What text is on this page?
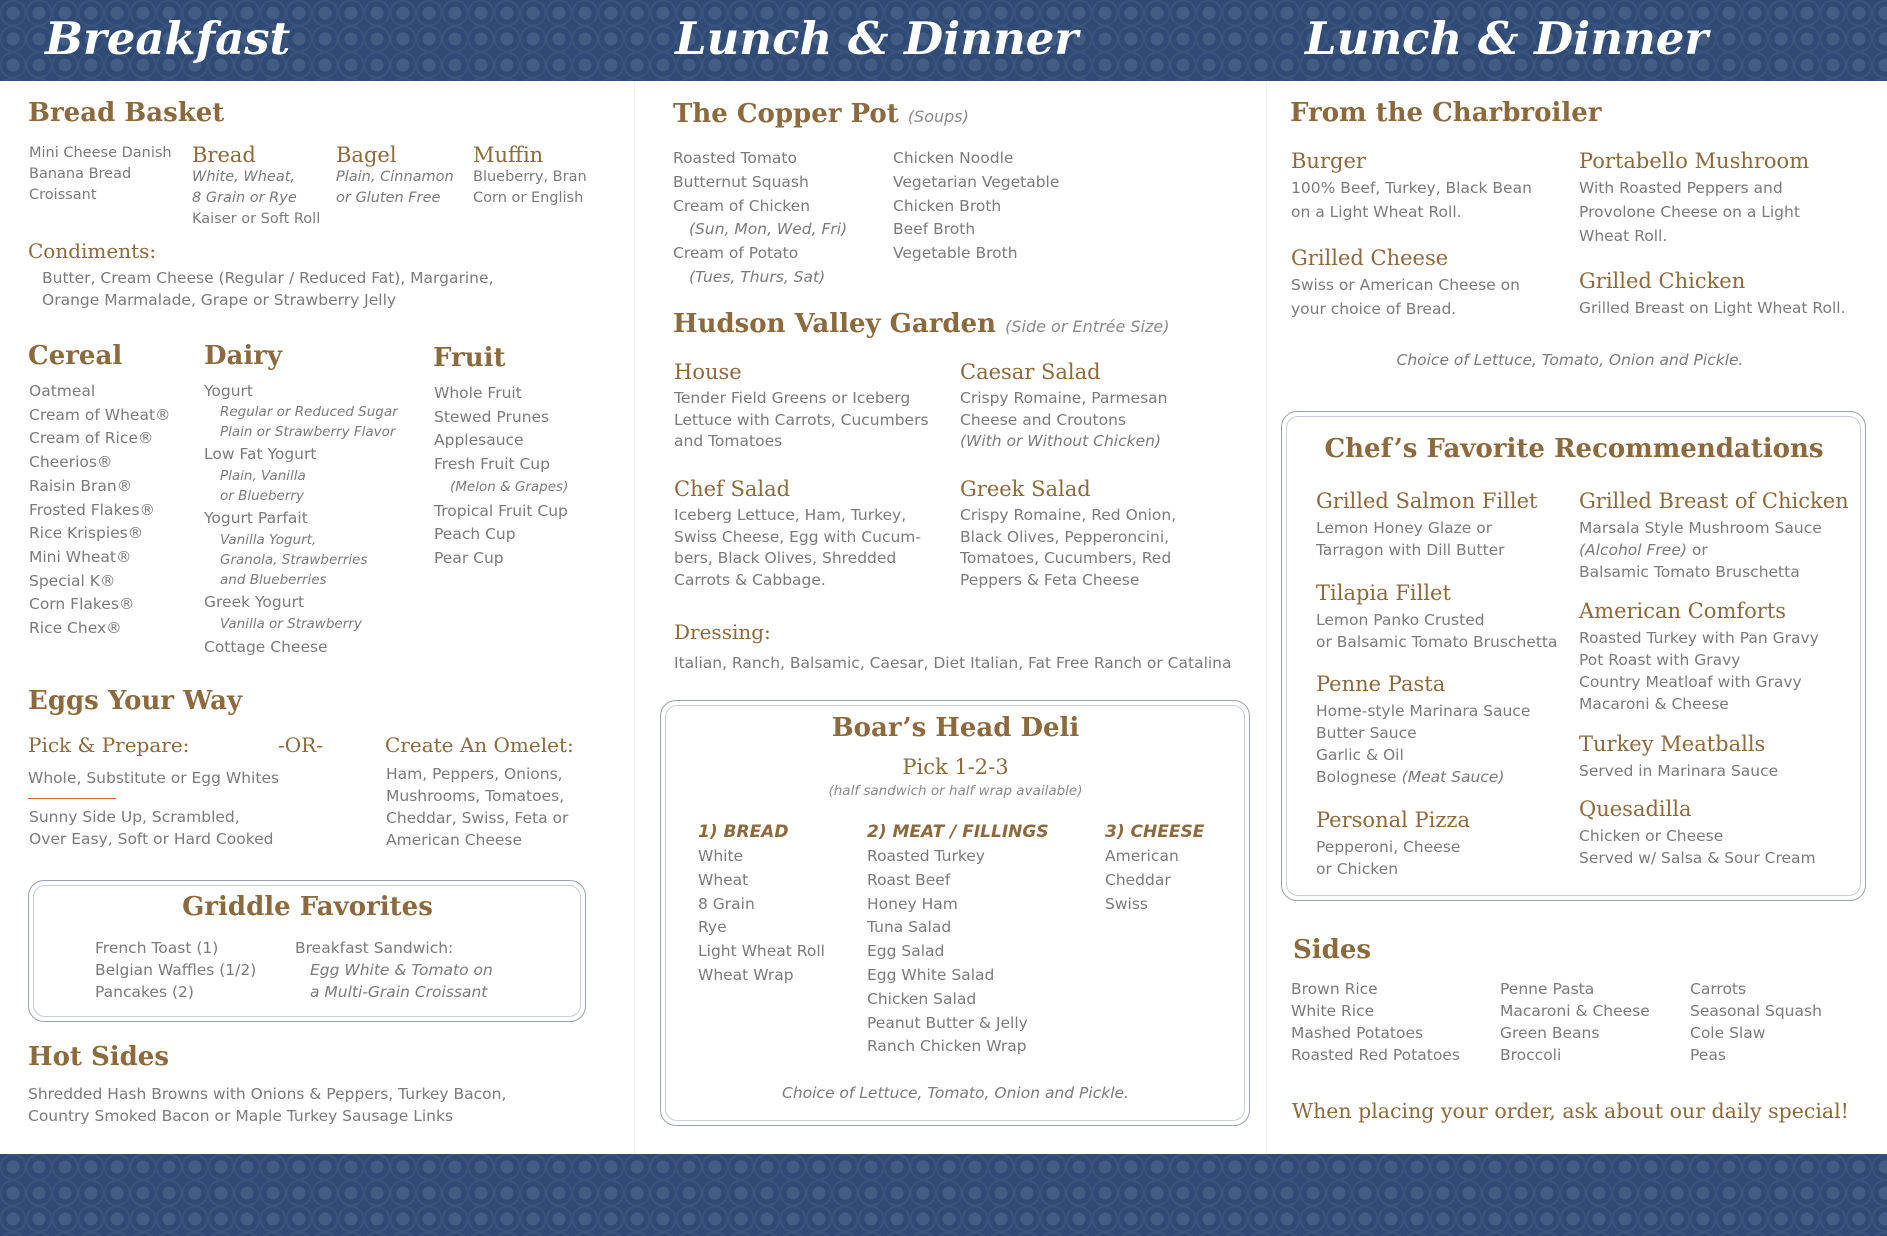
Breakfast	Lunch & Dinner	Lunch & Dinner
Bread Basket
Mini Cheese Danish
Banana Bread
Croissant
Bread
White, Wheat,
8 Grain or Rye
Kaiser or Soft Roll
Bagel
Plain, Cinnamon
or Gluten Free
Muffin
Blueberry, Bran
Corn or English
Condiments:
Butter, Cream Cheese (Regular / Reduced Fat), Margarine,
Orange Marmalade, Grape or Strawberry Jelly
Cereal
Oatmeal
Cream of Wheat®
Cream of Rice®
Cheerios®
Raisin Bran®
Frosted Flakes®
Rice Krispies®
Mini Wheat®
Special K®
Corn Flakes®
Rice Chex®
Dairy
Yogurt
Regular or Reduced Sugar
Plain or Strawberry Flavor
Low Fat Yogurt
Plain, Vanilla
or Blueberry
Yogurt Parfait
Vanilla Yogurt,
Granola, Strawberries
and Blueberries
Greek Yogurt
Vanilla or Strawberry
Cottage Cheese
Fruit
Whole Fruit
Stewed Prunes
Applesauce
Fresh Fruit Cup
(Melon & Grapes)
Tropical Fruit Cup
Peach Cup
Pear Cup
Eggs Your Way
Pick & Prepare:	-OR-
Whole, Substitute or Egg Whites
Sunny Side Up, Scrambled,
Over Easy, Soft or Hard Cooked
Create An Omelet:
Ham, Peppers, Onions,
Mushrooms, Tomatoes,
Cheddar, Swiss, Feta or
American Cheese
Griddle Favorites
French Toast (1)
Belgian Waffles (1/2)
Pancakes (2)
Breakfast Sandwich:
Egg White & Tomato on
a Multi-Grain Croissant
Hot Sides
Shredded Hash Browns with Onions & Peppers, Turkey Bacon,
Country Smoked Bacon or Maple Turkey Sausage Links
The Copper Pot (Soups)
Roasted Tomato
Butternut Squash
Cream of Chicken
(Sun, Mon, Wed, Fri)
Cream of Potato
(Tues, Thurs, Sat)
Chicken Noodle
Vegetarian Vegetable
Chicken Broth
Beef Broth
Vegetable Broth
Hudson Valley Garden (Side or Entrée Size)
House
Tender Field Greens or Iceberg
Lettuce with Carrots, Cucumbers
and Tomatoes
Caesar Salad
Crispy Romaine, Parmesan
Cheese and Croutons
(With or Without Chicken)
Chef Salad
Iceberg Lettuce, Ham, Turkey,
Swiss Cheese, Egg with Cucum-
bers, Black Olives, Shredded
Carrots & Cabbage.
Greek Salad
Crispy Romaine, Red Onion,
Black Olives, Pepperoncini,
Tomatoes, Cucumbers, Red
Peppers & Feta Cheese
Dressing:
Italian, Ranch, Balsamic, Caesar, Diet Italian, Fat Free Ranch or Catalina
Boar’s Head Deli
Pick 1-2-3
(half sandwich or half wrap available)
1) BREAD
White
Wheat
8 Grain
Rye
Light Wheat Roll
Wheat Wrap
2) MEAT / FILLINGS
Roasted Turkey
Roast Beef
Honey Ham
Tuna Salad
Egg Salad
Egg White Salad
Chicken Salad
Peanut Butter & Jelly
Ranch Chicken Wrap
3) CHEESE
American
Cheddar
Swiss
Choice of Lettuce, Tomato, Onion and Pickle.
From the Charbroiler
Burger
100% Beef, Turkey, Black Bean
on a Light Wheat Roll.
Portabello Mushroom
With Roasted Peppers and
Provolone Cheese on a Light
Wheat Roll.
Grilled Cheese
Swiss or American Cheese on
your choice of Bread.
Grilled Chicken
Grilled Breast on Light Wheat Roll.
Choice of Lettuce, Tomato, Onion and Pickle.
Chef’s Favorite Recommendations
Grilled Salmon Fillet
Lemon Honey Glaze or
Tarragon with Dill Butter
Tilapia Fillet
Lemon Panko Crusted
or Balsamic Tomato Bruschetta
Penne Pasta
Home-style Marinara Sauce
Butter Sauce
Garlic & Oil
Bolognese (Meat Sauce)
Personal Pizza
Pepperoni, Cheese
or Chicken
Grilled Breast of Chicken
Marsala Style Mushroom Sauce
(Alcohol Free) or
Balsamic Tomato Bruschetta
American Comforts
Roasted Turkey with Pan Gravy
Pot Roast with Gravy
Country Meatloaf with Gravy
Macaroni & Cheese
Turkey Meatballs
Served in Marinara Sauce
Quesadilla
Chicken or Cheese
Served w/ Salsa & Sour Cream
Sides
Brown Rice
White Rice
Mashed Potatoes
Roasted Red Potatoes
Penne Pasta
Macaroni & Cheese
Green Beans
Broccoli
Carrots
Seasonal Squash
Cole Slaw
Peas
When placing your order, ask about our daily special!
